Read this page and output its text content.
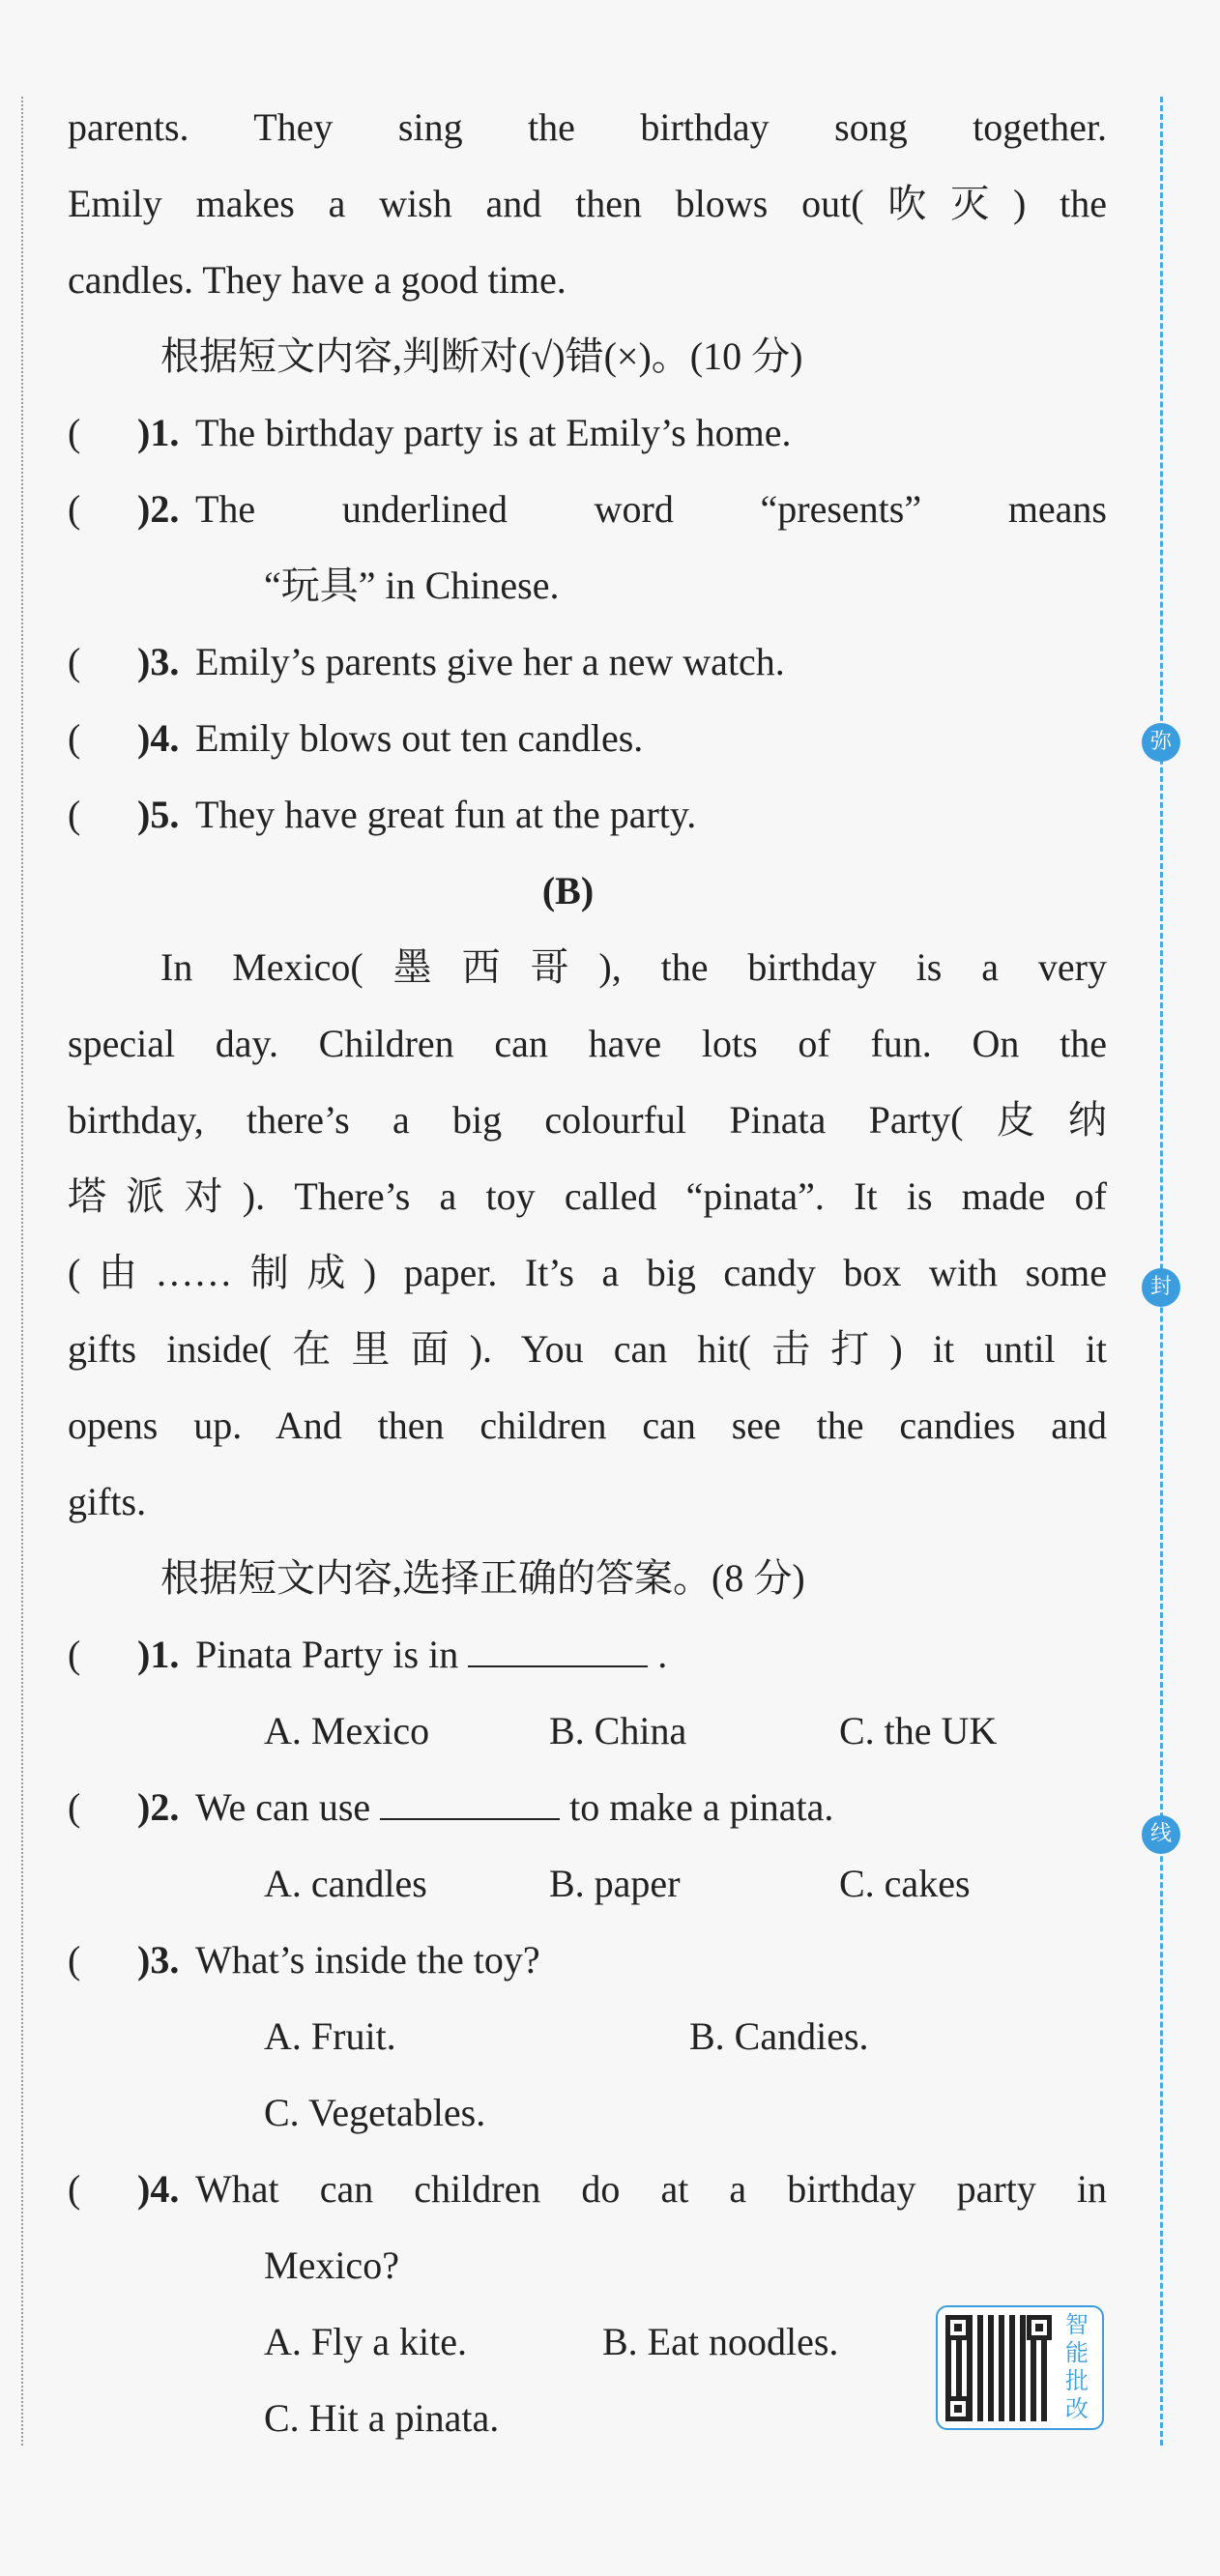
弥
封
线
parents. They sing the birthday song together.
Emily makes a wish and then blows out(吹灭) the
candles. They have a good time.
根据短文内容,判断对(√)错(×)。(10 分)
( )1. The birthday party is at Emily’s home.
( )2. The underlined word “presents” means
“玩具” in Chinese.
( )3. Emily’s parents give her a new watch.
( )4. Emily blows out ten candles.
( )5. They have great fun at the party.
(B)
In Mexico(墨西哥), the birthday is a very
special day. Children can have lots of fun. On the
birthday, there’s a big colourful Pinata Party(皮纳
塔派对). There’s a toy called “pinata”. It is made of
(由……制成) paper. It’s a big candy box with some
gifts inside(在里面). You can hit(击打) it until it
opens up. And then children can see the candies and
gifts.
根据短文内容,选择正确的答案。(8 分)
( )1. Pinata Party is in	.
A. Mexico	B. China	C. the UK
( )2. We can use	to make a pinata.
A. candles	B. paper	C. cakes
( )3. What’s inside the toy?
A. Fruit.	B. Candies.
C. Vegetables.
( )4. What can children do at a birthday party in
Mexico?
A. Fly a kite.	B. Eat noodles.
C. Hit a pinata.
智
能
批
改
